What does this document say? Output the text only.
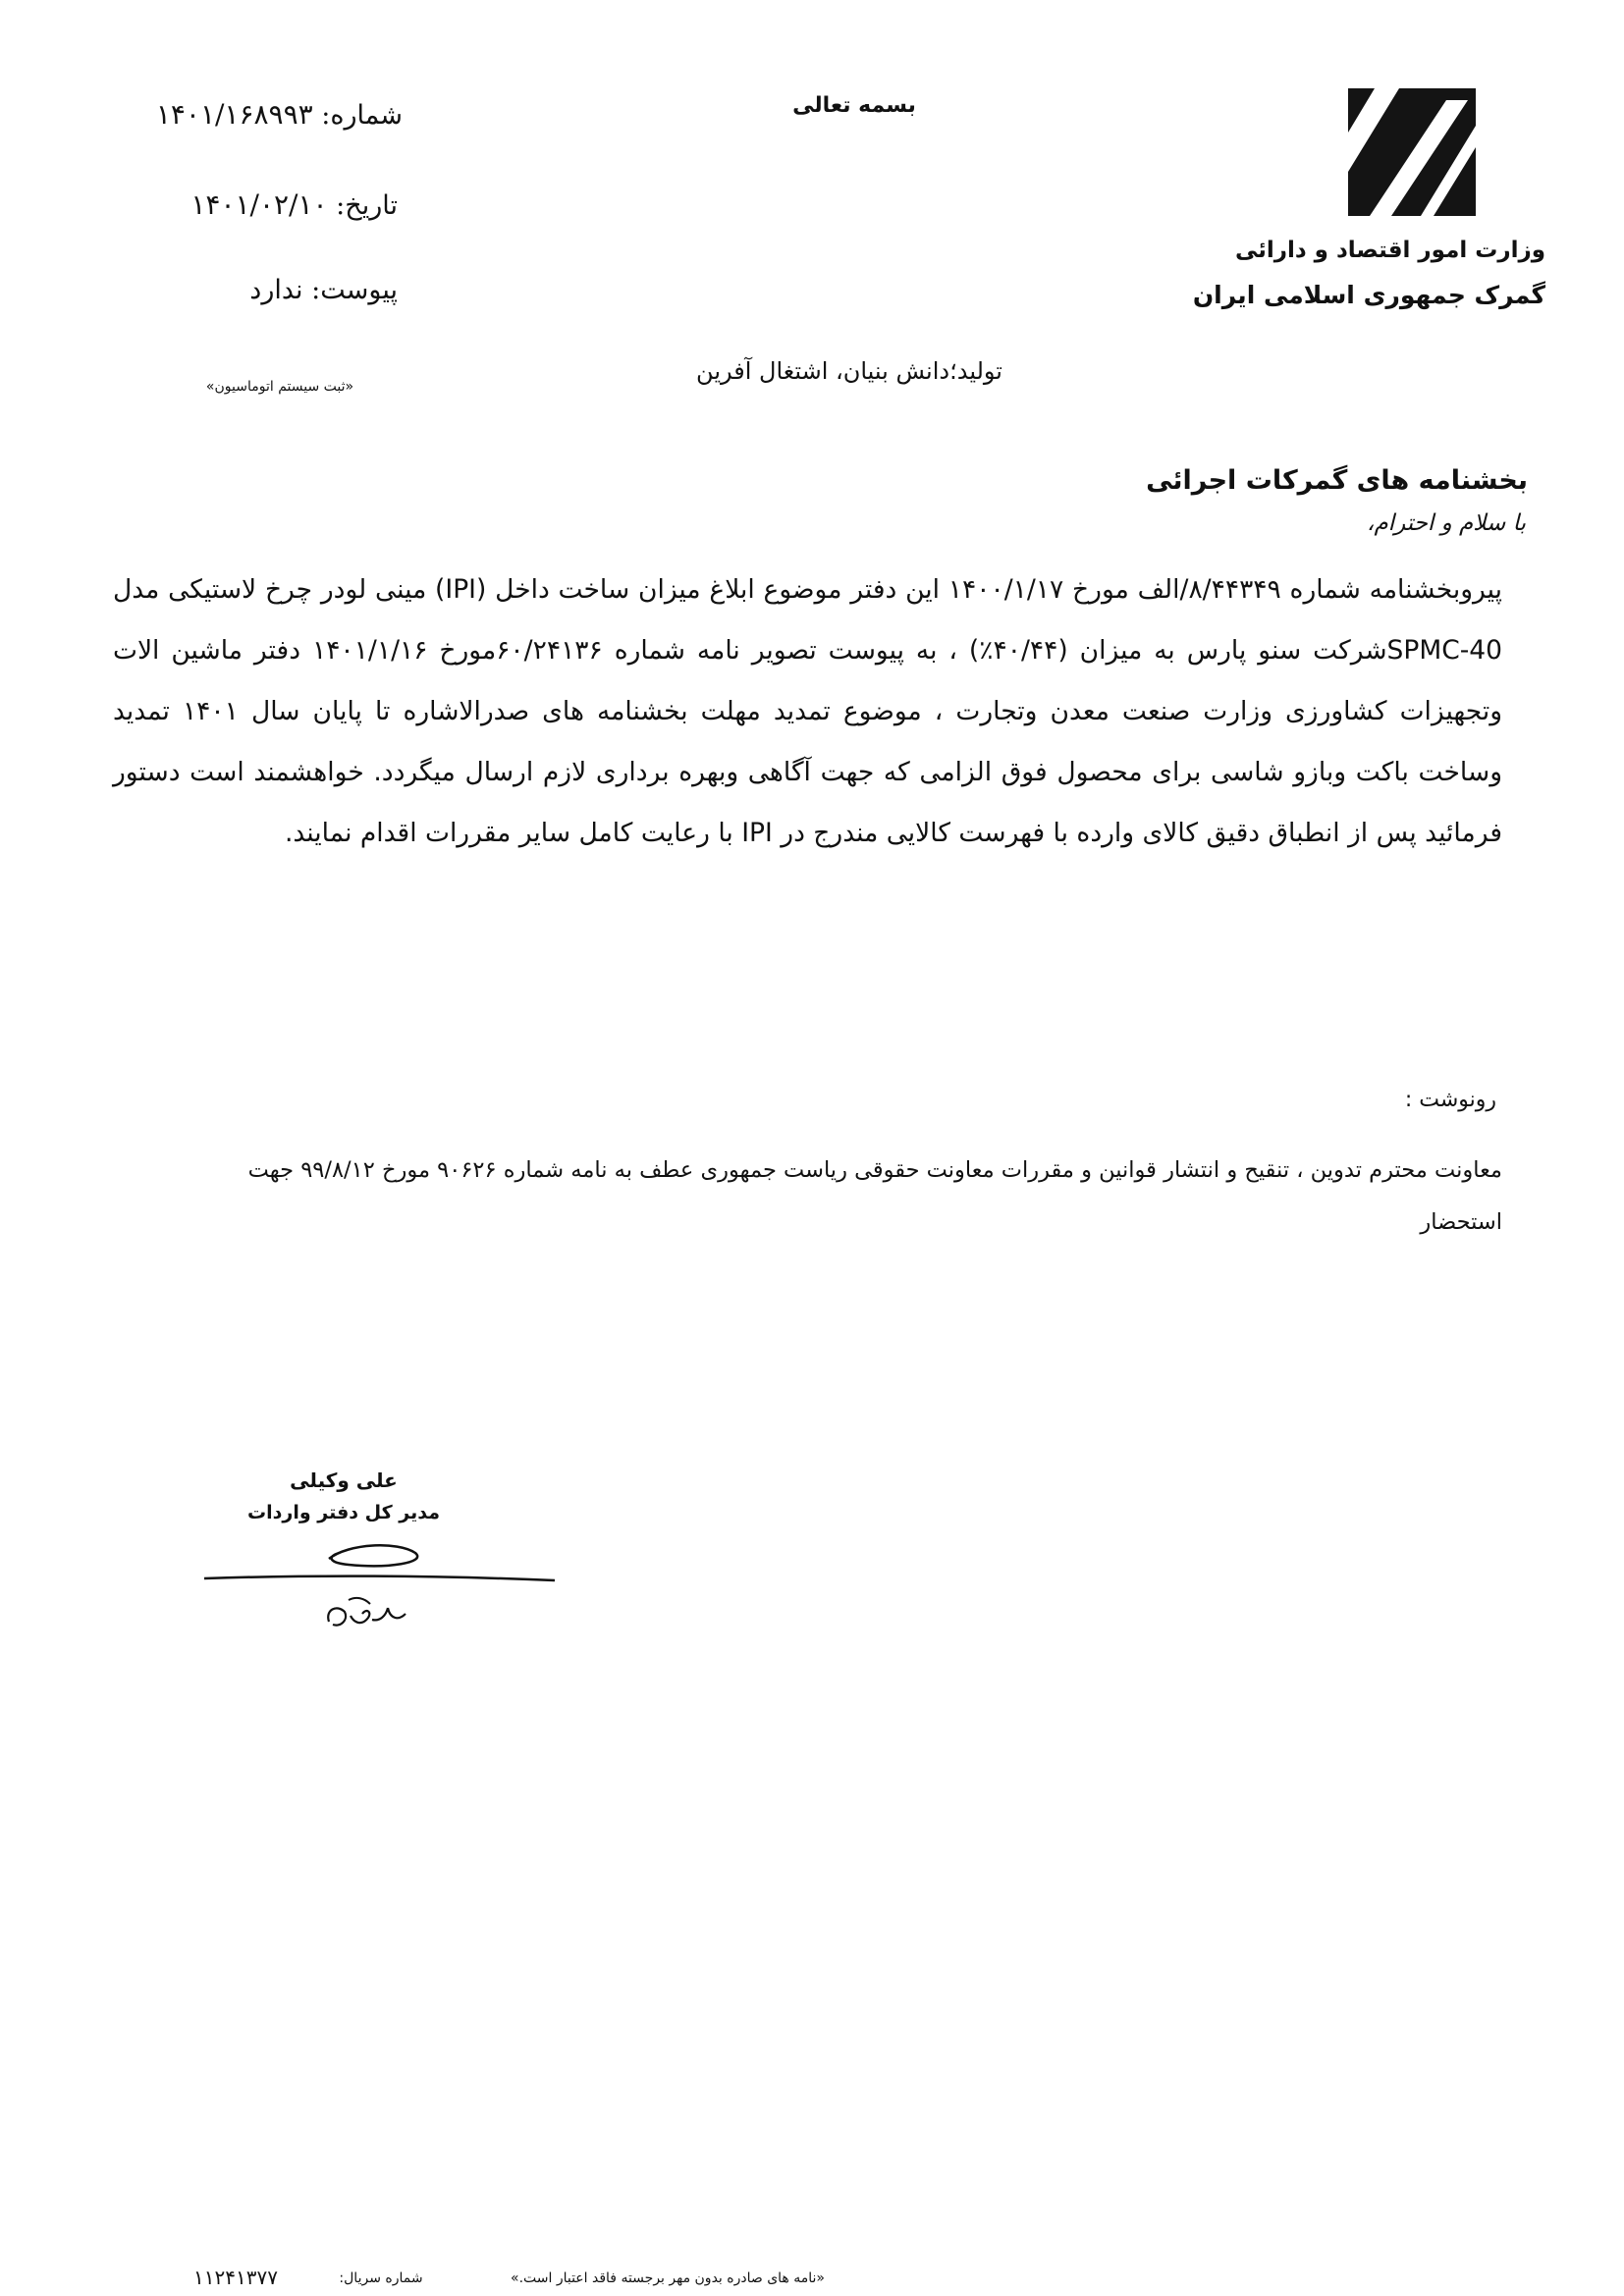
وزارت امور اقتصاد و دارائی
گمرک جمهوری اسلامی ایران
بسمه تعالی
شماره: ۱۴۰۱/۱۶۸۹۹۳
تاریخ: ۱۴۰۱/۰۲/۱۰
پیوست: ندارد
«ثبت سیستم اتوماسیون»
تولید؛دانش بنیان، اشتغال آفرین
بخشنامه های گمرکات اجرائی
با سلام و احترام،

پیروبخشنامه شماره ۸/۴۴۳۴۹/الف مورخ ۱۴۰۰/۱/۱۷ این دفتر موضوع ابلاغ میزان ساخت داخل (IPI) مینی لودر چرخ لاستیکی مدل SPMC-40شرکت سنو پارس به میزان (۴۰/۴۴٪) ، به پیوست تصویر نامه شماره ۶۰/۲۴۱۳۶مورخ ۱۴۰۱/۱/۱۶ دفتر ماشین الات وتجهیزات کشاورزی وزارت صنعت معدن وتجارت ، موضوع تمدید مهلت بخشنامه های صدرالاشاره تا پایان سال ۱۴۰۱ تمدید وساخت باکت وبازو شاسی برای محصول فوق الزامی که جهت آگاهی وبهره برداری لازم ارسال میگردد. خواهشمند است دستور فرمائید پس از انطباق دقیق کالای وارده با فهرست کالایی مندرج در IPI با رعایت کامل سایر مقررات اقدام نمایند.

رونوشت :
معاونت محترم تدوین ، تنقیح و انتشار قوانین و مقررات معاونت حقوقی ریاست جمهوری عطف به نامه شماره ۹۰۶۲۶ مورخ ۹۹/۸/۱۲ جهت استحضار
علی وکیلی
مدیر کل دفتر واردات
«نامه های صادره بدون مهر برجسته فاقد اعتبار است.»
شماره سریال:
۱۱۲۴۱۳۷۷
